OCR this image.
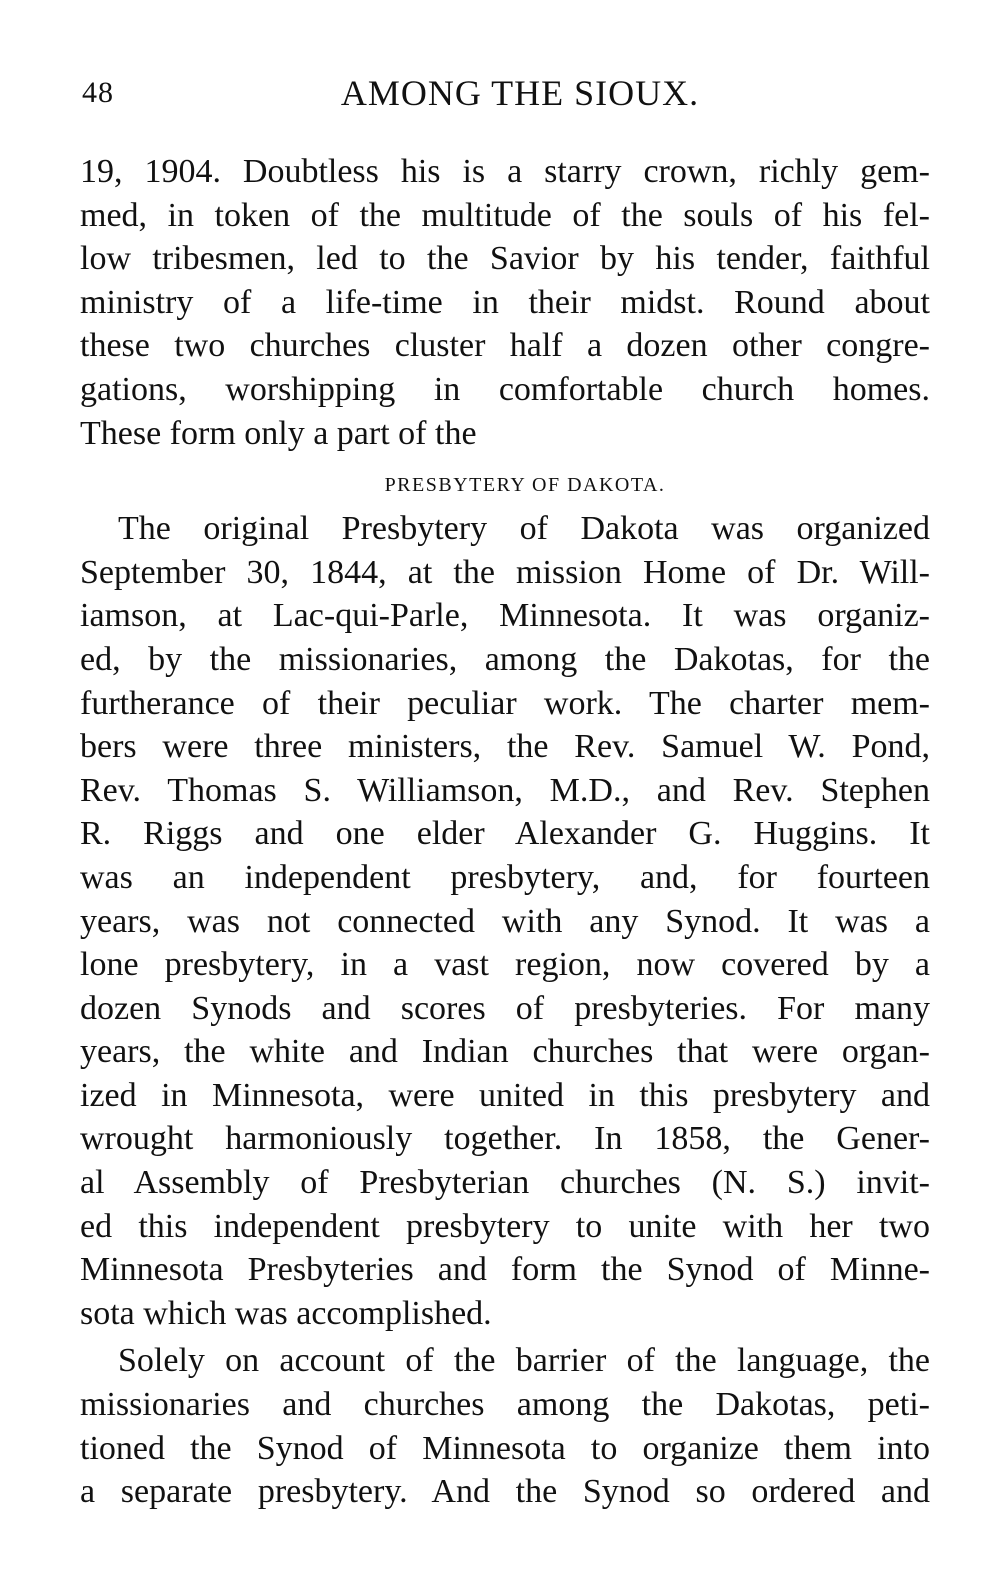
48	AMONG THE SIOUX.
19, 1904. Doubtless his is a starry crown, richly gem-
med, in token of the multitude of the souls of his fel-
low tribesmen, led to the Savior by his tender, faithful
ministry of a life-time in their midst. Round about
these two churches cluster half a dozen other congre-
gations, worshipping in comfortable church homes.
These form only a part of the
PRESBYTERY OF DAKOTA.
The original Presbytery of Dakota was organized
September 30, 1844, at the mission Home of Dr. Will-
iamson, at Lac-qui-Parle, Minnesota. It was organiz-
ed, by the missionaries, among the Dakotas, for the
furtherance of their peculiar work. The charter mem-
bers were three ministers, the Rev. Samuel W. Pond,
Rev. Thomas S. Williamson, M.D., and Rev. Stephen
R. Riggs and one elder Alexander G. Huggins. It
was an independent presbytery, and, for fourteen
years, was not connected with any Synod. It was a
lone presbytery, in a vast region, now covered by a
dozen Synods and scores of presbyteries. For many
years, the white and Indian churches that were organ-
ized in Minnesota, were united in this presbytery and
wrought harmoniously together. In 1858, the Gener-
al Assembly of Presbyterian churches (N. S.) invit-
ed this independent presbytery to unite with her two
Minnesota Presbyteries and form the Synod of Minne-
sota which was accomplished.
Solely on account of the barrier of the language, the
missionaries and churches among the Dakotas, peti-
tioned the Synod of Minnesota to organize them into
a separate presbytery. And the Synod so ordered and
